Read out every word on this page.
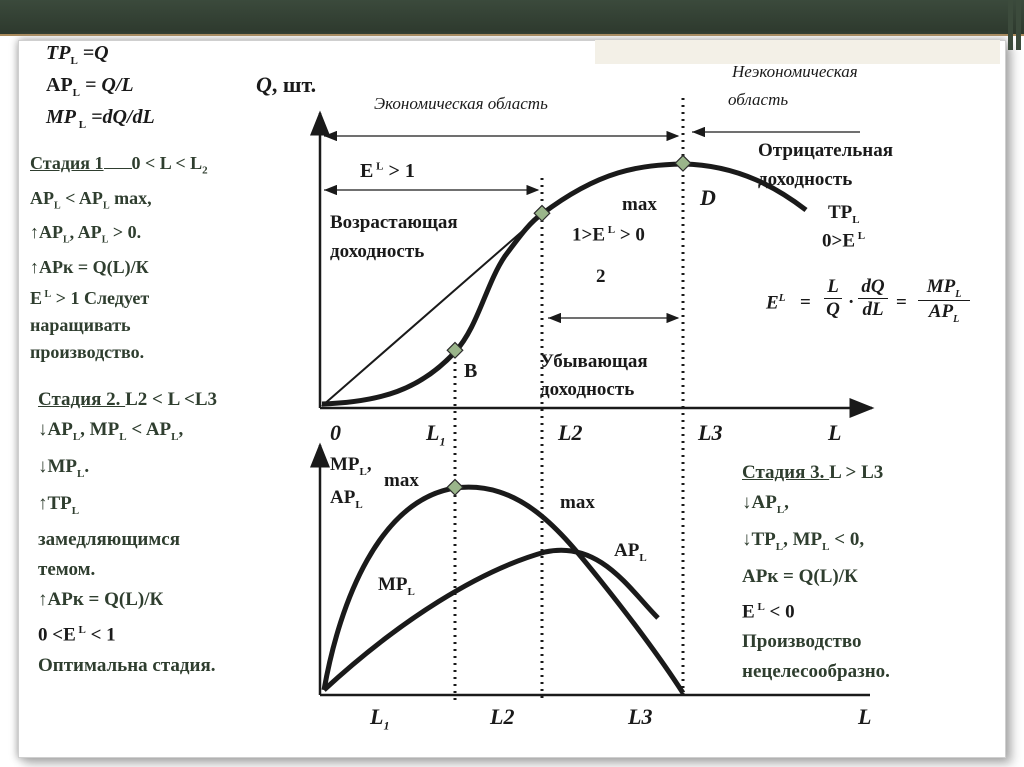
$TP_L =Q$
$AP_L = Q/L$
MP $_L$ =dQ/dL
Стадия 1 $0 < L < L_2$
$AP_L < AP_L$ max,
$↑AP_L$, $AP_L > 0$.
↑APк = Q(L)/К
E $^L$ > 1 Следует
наращивать
производство.
Стадия 2. L2 < L <L3
$↓AP_L$, $MP_L < AP_L$,
$↓MP_L$.
$↑TP_L$
замедляющимся
темом.
↑APк = Q(L)/К
0 <E $^L$ < 1
Оптимальна стадия.
Стадия 3. L > L3
$↓AP_L$,
$↓TP_L$, $MP_L < 0$,
APк = Q(L)/К
E $^L$ < 0
Производство
нецелесообразно.
Q, шт.
Экономическая область
Неэкономическая
область
E $^L$ > 1
Возрастающая
доходность
max
1>E $^L$ > 0
2
Убывающая
доходность
Отрицательная
доходность
B
D
$TP_L$
0>E $^L$
$E^L$ =
L
Q ·
dQ
dL =
$MP_L$
$AP_L$
0	$L_1$	L2	L3	L
$MP_L$,
$AP_L$
max
max
$MP_L$
$AP_L$
$L_1$	L2	L3	L
